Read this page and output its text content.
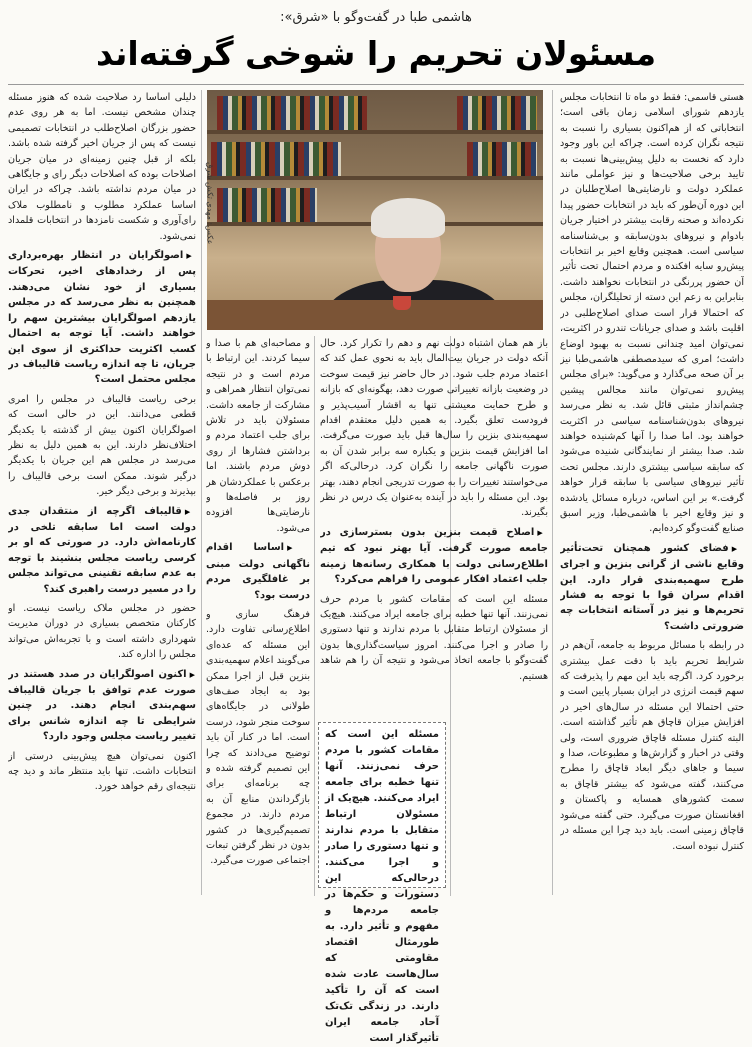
هاشمی طبا در گفت‌وگو با «شرق»:
مسئولان تحریم را شوخی گرفته‌اند

هستی قاسمی: فقط دو ماه تا انتخابات مجلس یازدهم شورای اسلامی زمان باقی است؛ انتخاباتی که از هم‌اکنون بسیاری را نسبت به نتیجه نگران کرده است. چراکه این باور وجود دارد که نخست به دلیل پیش‌بینی‌ها نسبت به تایید برخی صلاحیت‌ها و نیز عواملی مانند عملکرد دولت و نارضایتی‌ها اصلاح‌طلبان در این دوره آن‌طور که باید در انتخابات حضور پیدا نکرده‌اند و صحنه رقابت بیشتر در اختیار جریان‌ بادوام و نیروهای بدون‌سابقه و بی‌شناسنامه سیاسی است. همچنین وقایع اخیر بر انتخابات پیش‌رو سایه افکنده و مردم احتمال تحت تأثیر آن حضور پررنگی در انتخابات نخواهند داشت. بنابراین به زعم این دسته از تحلیلگران، مجلس که احتمالا قرار است صدای اصلاح‌طلبی در اقلیت باشد و صدای جریانات تندرو در اکثریت، نمی‌توان امید چندانی نسبت به بهبود اوضاع داشت؛ امری که سیدمصطفی هاشمی‌طبا نیز بر آن صحه می‌گذارد و می‌گوید: «برای مجلس پیش‌رو نمی‌توان مانند مجالس پیشین چشم‌انداز مثبتی قائل شد. به نظر می‌رسد نیروهای بدون‌شناسنامه سیاسی در اکثریت خواهند بود. اما صدا را آنها کم‌شنیده خواهند شد. صدا بیشتر از نمایندگانی شنیده می‌شود که سابقه سیاسی بیشتری دارند. مجلس تحت تأثیر نیروهای سیاسی با سابقه قرار خواهد گرفت.» بر این اساس، درباره مسائل یادشده و نیز وقایع اخیر با هاشمی‌طبا، وزیر اسبق صنایع گفت‌وگو کرده‌ایم.

▶ فضای کشور همچنان تحت‌تأثیر وقایع ناشی از گرانی بنزین و اجرای طرح سهمیه‌بندی قرار دارد. این اقدام سران قوا با توجه به فشار تحریم‌ها و نیز در آستانه انتخابات چه ضرورتی داشت؟

در رابطه با مسائل مربوط به جامعه، آن‌هم در شرایط تحریم باید با دقت عمل بیشتری برخورد کرد. اگرچه باید این مهم را پذیرفت که سهم قیمت انرژی در ایران بسیار پایین است و حتی احتمالا این مسئله در سال‌های اخیر در افزایش میزان قاچاق هم تأثیر گذاشته است. البته کنترل مسئله قاچاق ضروری است، ولی وقتی در اخبار و گزارش‌ها و مطبوعات، صدا و سیما و جاهای دیگر ابعاد قاچاق را مطرح می‌کنند، گفته می‌شود که بیشتر قاچاق به سمت کشورهای همسایه و پاکستان و افغانستان صورت می‌گیرد. حتی گفته می‌شود قاچاق زمینی است. باید دید چرا این مسئله در کنترل نبوده است.

عکس: مهدی تکش شرق

باز هم همان اشتباه دولت نهم و دهم را تکرار کرد. حال آنکه دولت در جریان بیت‌المال باید به نحوی عمل کند که اعتماد مردم جلب شود. در حال حاضر نیز قیمت سوخت در وضعیت بازانه تغییراتی صورت دهد، بهگونه‌ای که بازانه و طرح حمایت معیشتی تنها به اقشار آسیب‌پذیر و فرودست تعلق بگیرد. به همین دلیل معتقدم اقدام سهمیه‌بندی بنزین را سال‌ها قبل باید صورت می‌گرفت. اما افزایش قیمت بنزین و یکباره سه برابر شدن آن به صورت ناگهانی جامعه را نگران کرد. درحالی‌که اگر می‌خواستند تغییرات را به صورت تدریجی انجام دهند، بهتر بود. این مسئله را باید در آینده به‌عنوان یک درس در نظر بگیرند.

▶ اصلاح قیمت بنزین بدون بسترسازی در جامعه صورت گرفت. آیا بهتر نبود که تیم اطلاع‌رسانی دولت با همکاری رسانه‌ها زمینه جلب اعتماد افکار عمومی را فراهم می‌کرد؟

مسئله این است که مقامات کشور با مردم حرف نمی‌زنند. آنها تنها خطبه برای جامعه ایراد می‌کنند. هیچ‌یک از مسئولان ارتباط متقابل با مردم ندارند و تنها دستوری را صادر و اجرا می‌کنند. امروز سیاست‌گذاری‌ها بدون گفت‌وگو با جامعه اتخاذ می‌شود و نتیجه آن را هم شاهد هستیم.

مسئله این است که مقامات کشور با مردم حرف نمی‌زنند. آنها تنها خطبه برای جامعه ایراد می‌کنند. هیچ‌یک از مسئولان ارتباط متقابل با مردم ندارند و تنها دستوری را صادر و اجرا می‌کنند. درحالی‌که این دستورات و حکم‌ها در جامعه مردم‌ها و مفهوم و تأثیر دارد. به طورمثال اقتصاد مقاومتی که سال‌هاست عادت شده است که آن را تأکید دارند. در زندگی تک‌تک آحاد جامعه ایران تأثیرگذار است

و مصاحبه‌ای هم با صدا و سیما کردند. این ارتباط با مردم است و در نتیجه نمی‌توان انتظار همراهی و مشارکت از جامعه داشت. مسئولان باید در تلاش برای جلب اعتماد مردم و برداشتن فشارها از روی دوش مردم باشند. اما برعکس با عملکردشان هر روز بر فاصله‌ها و نارضایتی‌ها افزوده می‌شود.

▶ اساسا اقدام ناگهانی دولت مبنی بر غافلگیری مردم درست بود؟

فرهنگ سازی و اطلاع‌رسانی تفاوت دارد. این مسئله که عده‌ای می‌گویند اعلام سهمیه‌بندی بنزین قبل از اجرا ممکن بود به ایجاد صف‌های طولانی در جایگاه‌های سوخت منجر شود، درست است. اما در کنار آن باید توضیح می‌دادند که چرا این تصمیم گرفته شده و چه برنامه‌ای برای بازگرداندن منابع آن به مردم دارند. در مجموع تصمیم‌گیری‌ها در کشور بدون در نظر گرفتن تبعات اجتماعی صورت می‌گیرد.

دلیلی اساسا رد صلاحیت شده که هنوز مسئله چندان مشخص نیست. اما به هر روی عدم حضور بزرگان اصلاح‌طلب در انتخابات تصمیمی نیست که پس از جریان اخیر گرفته شده باشد. بلکه از قبل چنین زمینه‌ای در میان جریان اصلاحات بوده که اصلاحات دیگر رای و جایگاهی در میان مردم نداشته باشد. چراکه در ایران اساسا عملکرد مطلوب و نامطلوب ملاک رای‌آوری و شکست نامزدها در انتخابات قلمداد نمی‌شود.

▶ اصولگرایان در انتظار بهره‌برداری پس از رخدادهای اخیر، تحرکات بسیاری از خود نشان می‌دهند. همچنین به نظر می‌رسد که در مجلس یازدهم اصولگرایان بیشترین سهم را خواهند داشت. آیا توجه به احتمال کسب اکثریت حداکثری از سوی این جریان، تا چه اندازه ریاست قالیباف در مجلس محتمل است؟

برخی ریاست قالیباف در مجلس را امری قطعی می‌دانند. این در حالی است که اصولگرایان اکنون بیش از گذشته با یکدیگر اختلاف‌نظر دارند. این به همین دلیل به نظر می‌رسد در مجلس هم این جریان با یکدیگر درگیر شوند. ممکن است برخی قالیباف را بپذیرند و برخی دیگر خیر.

▶ قالیباف اگرچه از منتقدان جدی دولت است اما سابقه تلخی در کارنامه‌اش دارد. در صورتی که او بر کرسی ریاست مجلس بنشیند با توجه به عدم سابقه تقنینی می‌تواند مجلس را در مسیر درست راهبری کند؟

حضور در مجلس ملاک ریاست نیست. او کارکنان متخصص بسیاری در دوران مدیریت شهرداری داشته است و با تجربه‌اش می‌تواند مجلس را اداره کند.

▶ اکنون اصولگرایان در صدد هستند در صورت عدم توافق با جریان قالیباف سهم‌بندی انجام دهند. در چنین شرایطی تا چه اندازه شانس برای تغییر ریاست مجلس وجود دارد؟

اکنون نمی‌توان هیچ پیش‌بینی درستی از انتخابات داشت. تنها باید منتظر ماند و دید چه نتیجه‌ای رقم خواهد خورد.
